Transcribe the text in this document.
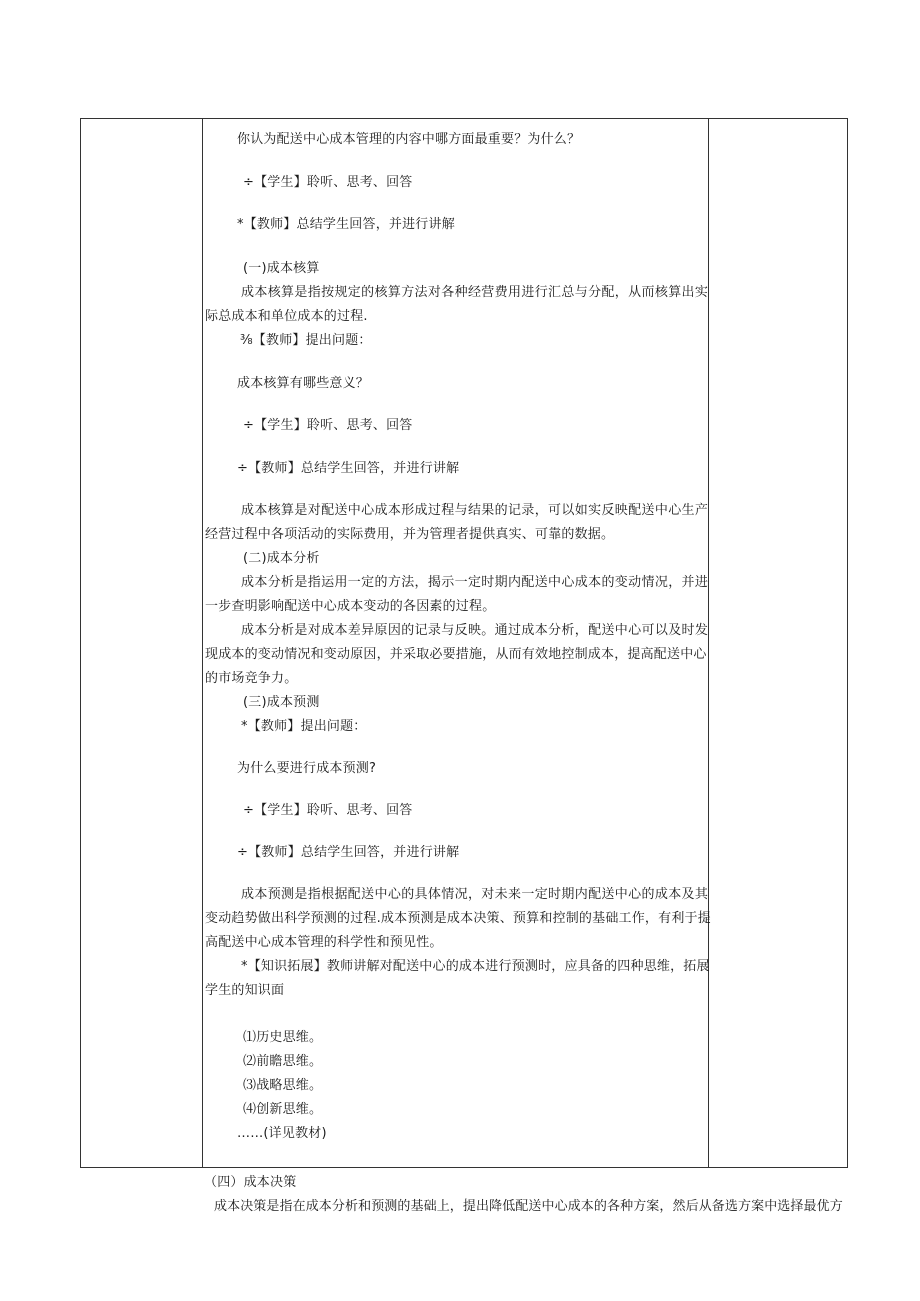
你认为配送中心成本管理的内容中哪方面最重要？为什么？
÷【学生】聆听、思考、回答
*【教师】总结学生回答，并进行讲解
(一)成本核算
成本核算是指按规定的核算方法对各种经营费用进行汇总与分配，从而核算出实
际总成本和单位成本的过程.
⅜【教师】提出问题：
成本核算有哪些意义？
÷【学生】聆听、思考、回答
÷【教师】总结学生回答，并进行讲解
成本核算是对配送中心成本形成过程与结果的记录，可以如实反映配送中心生产
经营过程中各项活动的实际费用，并为管理者提供真实、可靠的数据。
(二)成本分析
成本分析是指运用一定的方法，揭示一定时期内配送中心成本的变动情况，并进
一步查明影响配送中心成本变动的各因素的过程。
成本分析是对成本差异原因的记录与反映。通过成本分析，配送中心可以及时发
现成本的变动情况和变动原因，并采取必要措施，从而有效地控制成本，提高配送中心
的市场竞争力。
(三)成本预测
*【教师】提出问题：
为什么要进行成本预测?
÷【学生】聆听、思考、回答
÷【教师】总结学生回答，并进行讲解
成本预测是指根据配送中心的具体情况，对未来一定时期内配送中心的成本及其
变动趋势做出科学预测的过程.成本预测是成本决策、预算和控制的基础工作，有利于提
高配送中心成本管理的科学性和预见性。
*【知识拓展】教师讲解对配送中心的成本进行预测时，应具备的四种思维，拓展
学生的知识面
⑴历史思维。
⑵前瞻思维。
⑶战略思维。
⑷创新思维。
……(详见教材)
（四）成本决策
成本决策是指在成本分析和预测的基础上，提出降低配送中心成本的各种方案，然后从备选方案中选择最优方
